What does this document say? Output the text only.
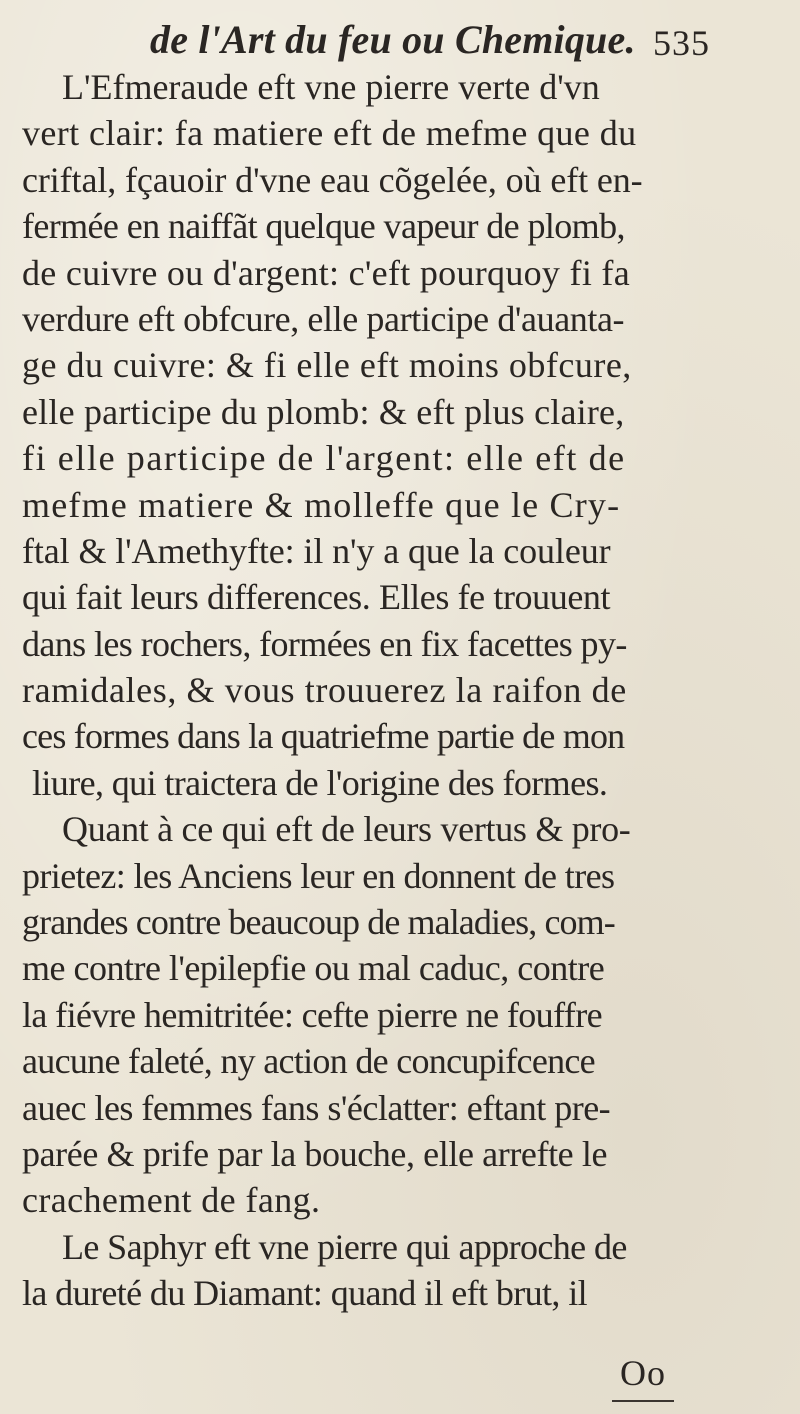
de l'Art du feu ou Chemique. 535
L'Efmeraude eft vne pierre verte d'vn
vert clair: fa matiere eft de mefme que du
criftal, fçauoir d'vne eau cõgelée, où eft en-
fermée en naiffãt quelque vapeur de plomb,
de cuivre ou d'argent: c'eft pourquoy fi fa
verdure eft obfcure, elle participe d'auanta-
ge du cuivre: & fi elle eft moins obfcure,
elle participe du plomb: & eft plus claire,
fi elle participe de l'argent: elle eft de
mefme matiere & molleffe que le Cry-
ftal & l'Amethyfte: il n'y a que la couleur
qui fait leurs differences. Elles fe trouuent
dans les rochers, formées en fix facettes py-
ramidales, & vous trouuerez la raifon de
ces formes dans la quatriefme partie de mon
liure, qui traictera de l'origine des formes.
Quant à ce qui eft de leurs vertus & pro-
prietez: les Anciens leur en donnent de tres
grandes contre beaucoup de maladies, com-
me contre l'epilepfie ou mal caduc, contre
la fiévre hemitritée: cefte pierre ne fouffre
aucune faleté, ny action de concupifcence
auec les femmes fans s'éclatter: eftant pre-
parée & prife par la bouche, elle arrefte le
crachement de fang.
Le Saphyr eft vne pierre qui approche de
la dureté du Diamant: quand il eft brut, il
Oo
